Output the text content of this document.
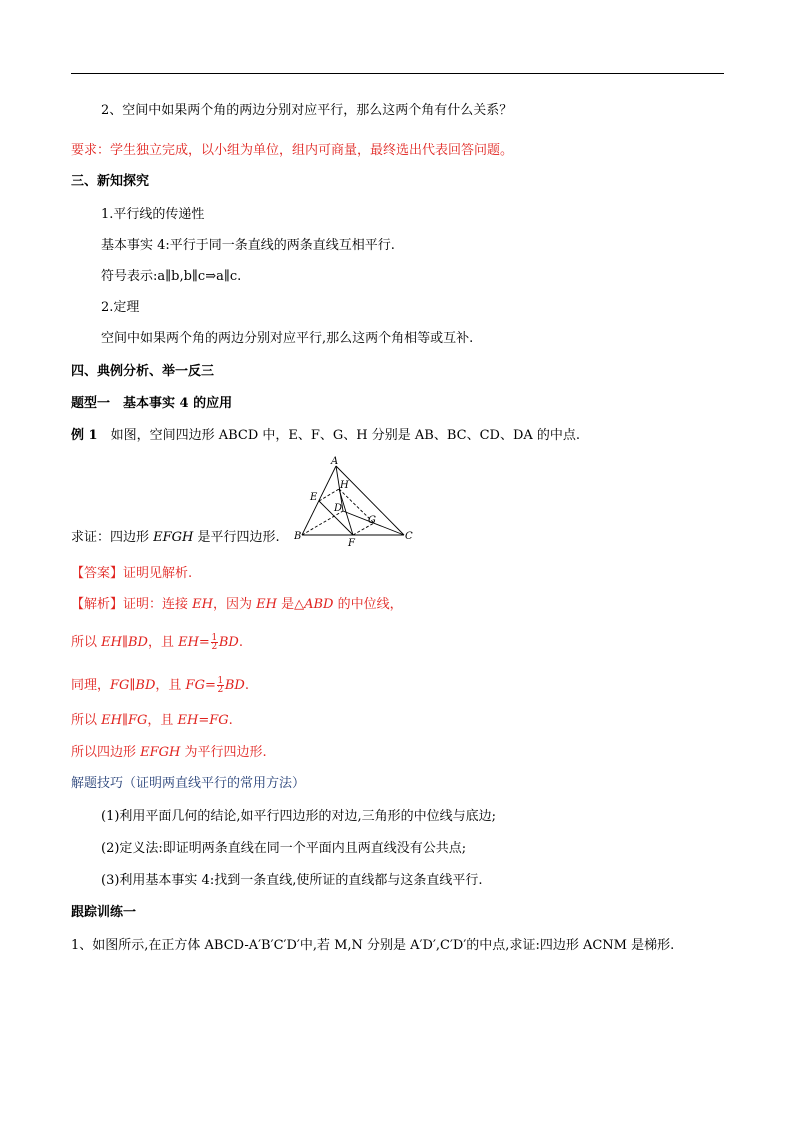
2、空间中如果两个角的两边分别对应平行，那么这两个角有什么关系？
要求：学生独立完成，以小组为单位，组内可商量，最终选出代表回答问题。
三、新知探究
1.平行线的传递性
基本事实 4:平行于同一条直线的两条直线互相平行.
符号表示:a∥b,b∥c⇒a∥c.
2.定理
空间中如果两个角的两边分别对应平行,那么这两个角相等或互补.
四、典例分析、举一反三
题型一　基本事实 4 的应用
例 1　如图，空间四边形 ABCD 中，E、F、G、H 分别是 AB、BC、CD、DA 的中点.
A
B	C
D
E
F
G
H
求证：四边形 EFGH 是平行四边形.
【答案】证明见解析.
【解析】证明：连接 EH，因为 EH 是△ABD 的中位线，
所以 EH∥BD，且 $EH= \frac{1}{2}$ BD.
同理，FG∥BD，且 $FG= \frac{1}{2}$ BD.
所以 EH∥FG，且 EH=FG.
所以四边形 EFGH 为平行四边形.
解题技巧（证明两直线平行的常用方法）
(1)利用平面几何的结论,如平行四边形的对边,三角形的中位线与底边;
(2)定义法:即证明两条直线在同一个平面内且两直线没有公共点;
(3)利用基本事实 4:找到一条直线,使所证的直线都与这条直线平行.
跟踪训练一
1、如图所示,在正方体 ABCD-A′B′C′D′中,若 M,N 分别是 A′D′,C′D′的中点,求证:四边形 ACNM 是梯形.
